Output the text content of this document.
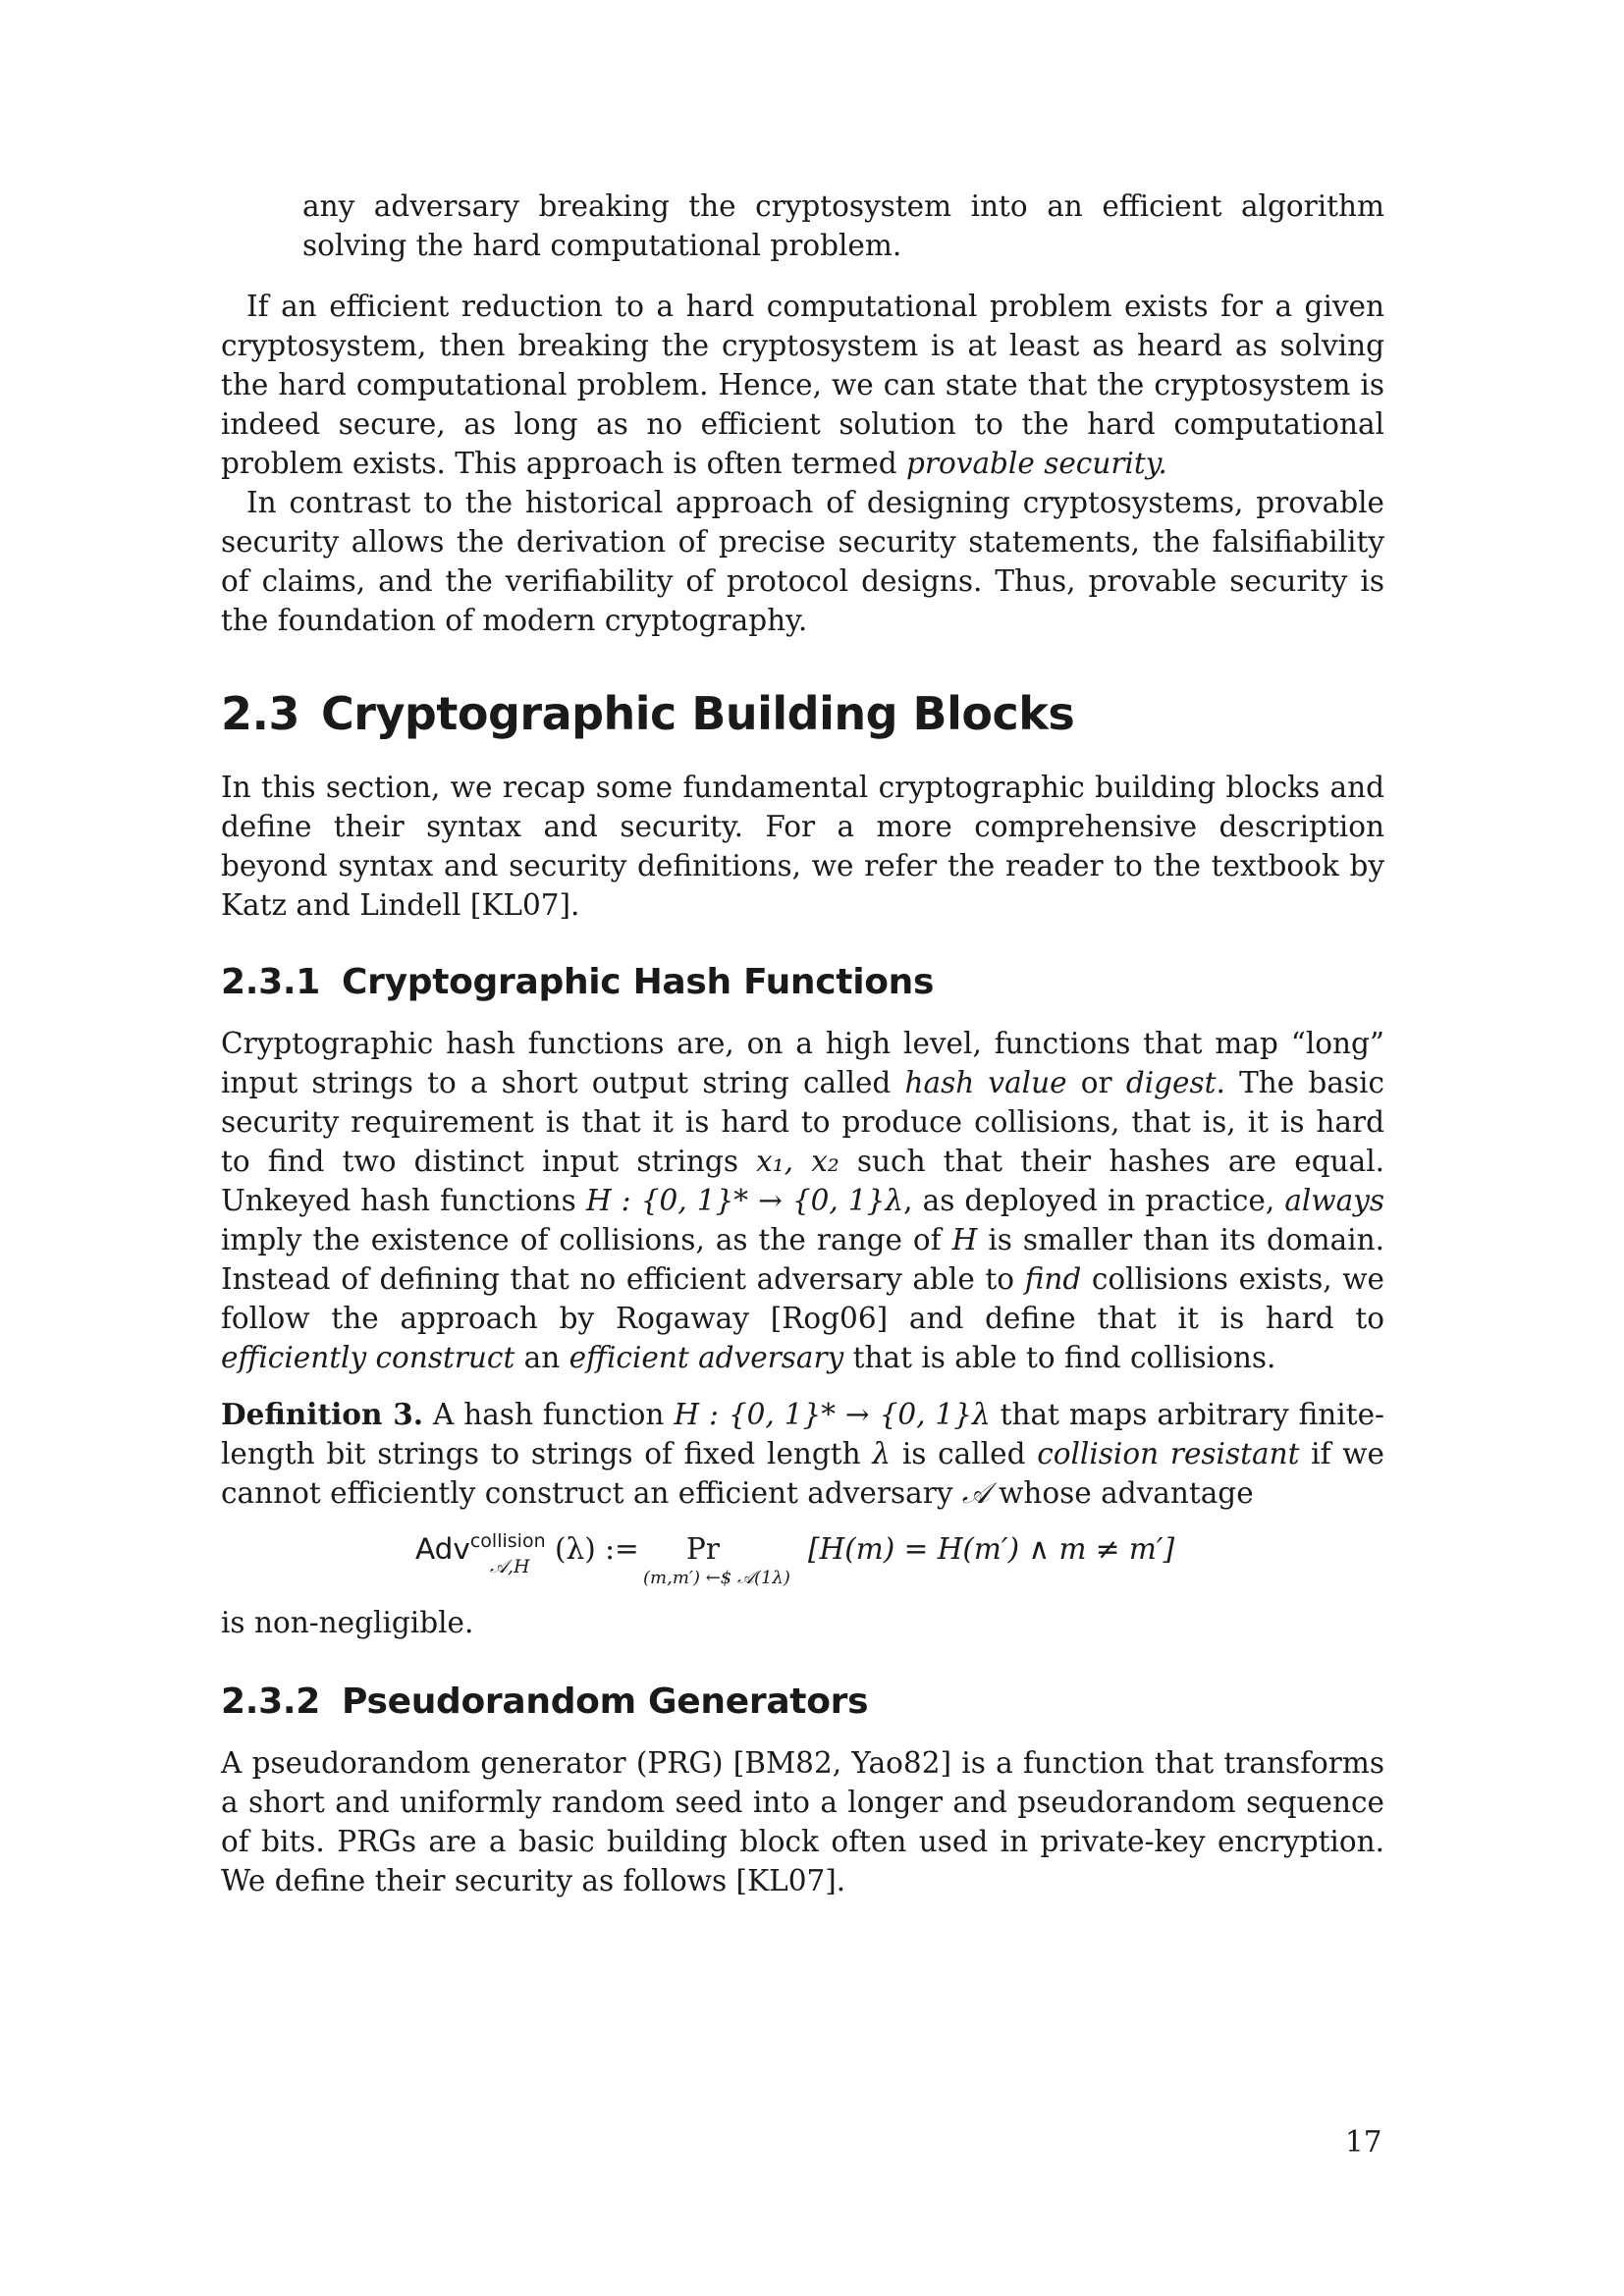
any adversary breaking the cryptosystem into an efficient algorithm solving the hard computational problem.

If an efficient reduction to a hard computational problem exists for a given cryptosystem, then breaking the cryptosystem is at least as heard as solving the hard computational problem. Hence, we can state that the cryptosystem is indeed secure, as long as no efficient solution to the hard computational problem exists. This approach is often termed provable security.

In contrast to the historical approach of designing cryptosystems, provable security allows the derivation of precise security statements, the falsifiability of claims, and the verifiability of protocol designs. Thus, provable security is the foundation of modern cryptography.

2.3 Cryptographic Building Blocks

In this section, we recap some fundamental cryptographic building blocks and define their syntax and security. For a more comprehensive description beyond syntax and security definitions, we refer the reader to the textbook by Katz and Lindell [KL07].

2.3.1 Cryptographic Hash Functions

Cryptographic hash functions are, on a high level, functions that map “long” input strings to a short output string called hash value or digest. The basic security requirement is that it is hard to produce collisions, that is, it is hard to find two distinct input strings x₁, x₂ such that their hashes are equal. Unkeyed hash functions H : {0, 1}* → {0, 1}λ, as deployed in practice, always imply the existence of collisions, as the range of H is smaller than its domain. Instead of defining that no efficient adversary able to find collisions exists, we follow the approach by Rogaway [Rog06] and define that it is hard to efficiently construct an efficient adversary that is able to find collisions.

Definition 3. A hash function H : {0, 1}* → {0, 1}λ that maps arbitrary finite-length bit strings to strings of fixed length λ is called collision resistant if we cannot efficiently construct an efficient adversary 𝒜 whose advantage

Adv$^{collision}$
𝒜,H
(λ) := Pr
(m,m′) ←$ 𝒜(1λ)
[H(m) = H(m′) ∧ m ≠ m′]

is non-negligible.

2.3.2 Pseudorandom Generators

A pseudorandom generator (PRG) [BM82, Yao82] is a function that transforms a short and uniformly random seed into a longer and pseudorandom sequence of bits. PRGs are a basic building block often used in private-key encryption. We define their security as follows [KL07].

17
